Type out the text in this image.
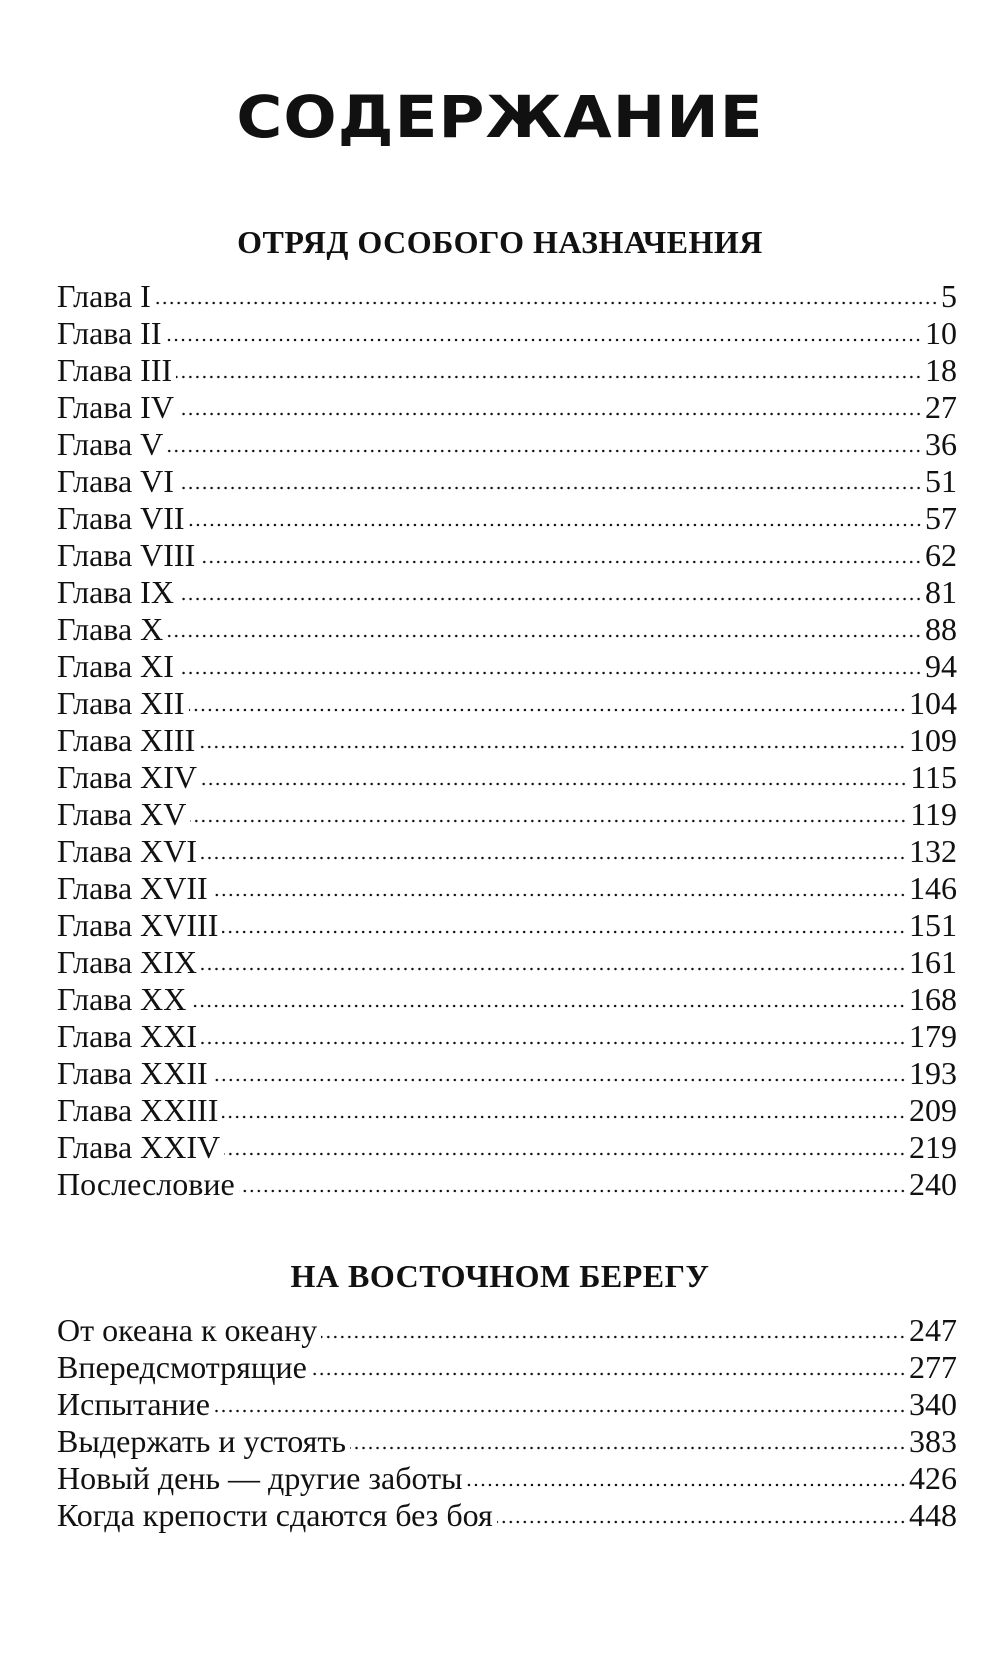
СОДЕРЖАНИЕ
ОТРЯД ОСОБОГО НАЗНАЧЕНИЯ
Глава I	5
Глава II	10
Глава III	18
Глава IV	27
Глава V	36
Глава VI	51
Глава VII	57
Глава VIII	62
Глава IX	81
Глава X	88
Глава XI	94
Глава XII	104
Глава XIII	109
Глава XIV	115
Глава XV	119
Глава XVI	132
Глава XVII	146
Глава XVIII	151
Глава XIX	161
Глава XX	168
Глава XXI	179
Глава XXII	193
Глава XXIII	209
Глава XXIV	219
Послесловие	240
НА ВОСТОЧНОМ БЕРЕГУ
От океана к океану	247
Впередсмотрящие	277
Испытание	340
Выдержать и устоять	383
Новый день — другие заботы	426
Когда крепости сдаются без боя	448
